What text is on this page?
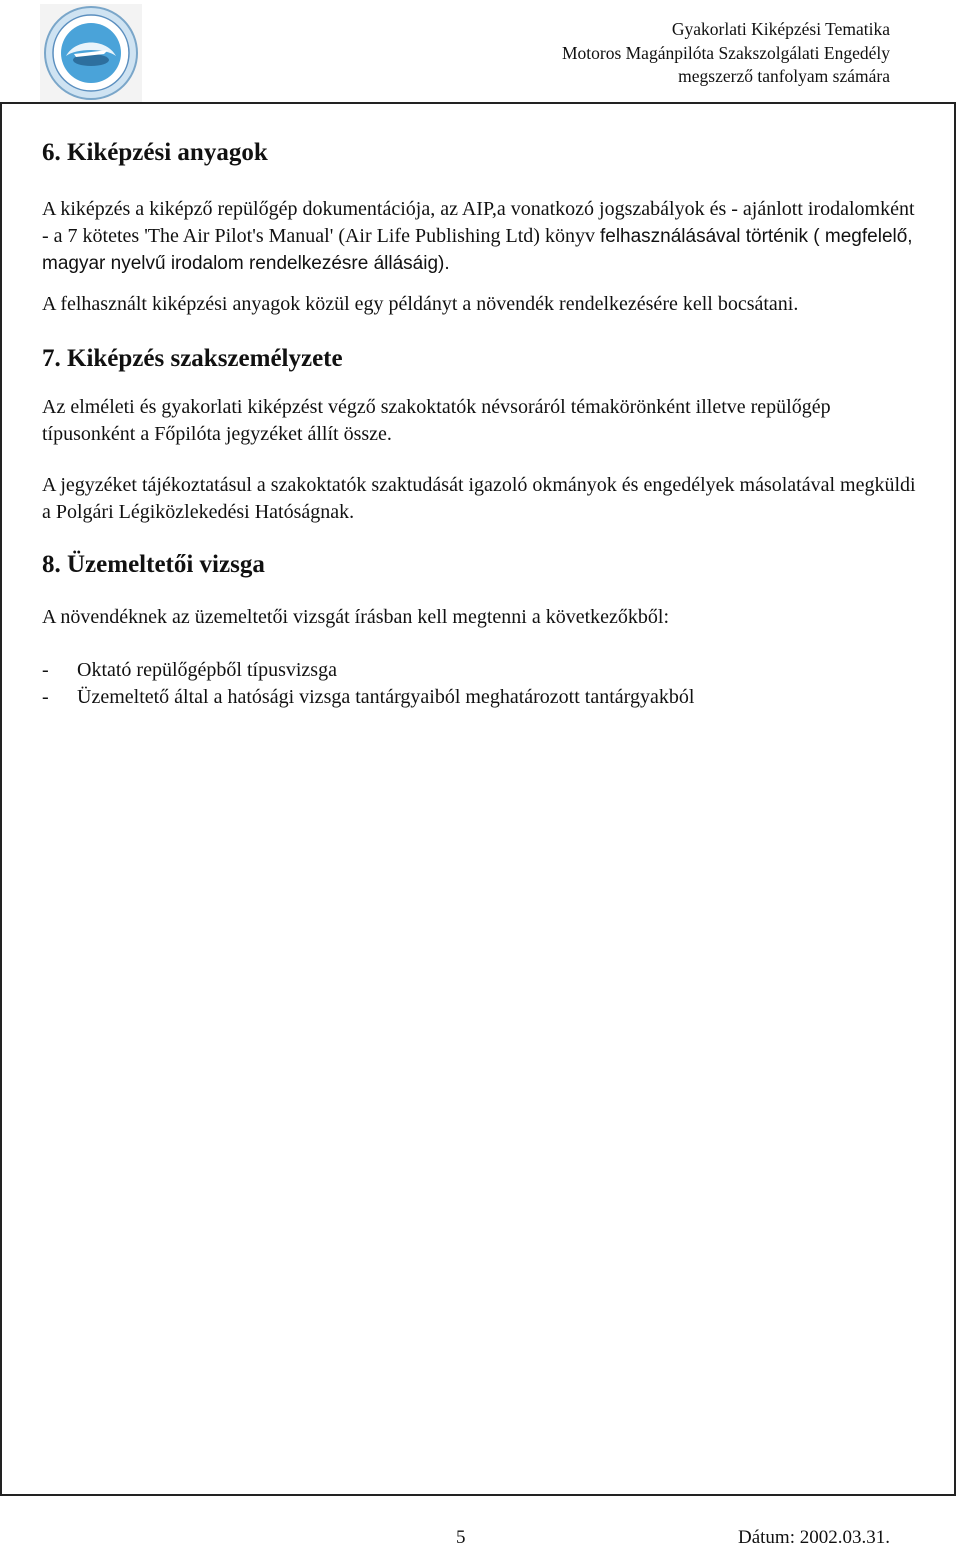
Gyakorlati Kiképzési Tematika
Motoros Magánpilóta Szakszolgálati Engedély
megszerző tanfolyam számára
6. Kiképzési anyagok

A kiképzés a kiképző repülőgép dokumentációja, az AIP,a vonatkozó jogszabályok és - ajánlott irodalomként - a 7 kötetes 'The Air Pilot's Manual' (Air Life Publishing Ltd) könyv felhasználásával történik ( megfelelő, magyar nyelvű irodalom rendelkezésre állásáig).

A felhasznált kiképzési anyagok közül egy példányt a növendék rendelkezésére kell bocsátani.

7. Kiképzés szakszemélyzete

Az elméleti és gyakorlati kiképzést végző szakoktatók névsoráról témakörönként illetve repülőgép típusonként a Főpilóta jegyzéket állít össze.

A jegyzéket tájékoztatásul a szakoktatók szaktudását igazoló okmányok és engedélyek másolatával megküldi a Polgári Légiközlekedési Hatóságnak.

8. Üzemeltetői vizsga

A növendéknek az üzemeltetői vizsgát írásban kell megtenni a következőkből:

-	Oktató repülőgépből típusvizsga
-	Üzemeltető által a hatósági vizsga tantárgyaiból meghatározott tantárgyakból
5	Dátum: 2002.03.31.
